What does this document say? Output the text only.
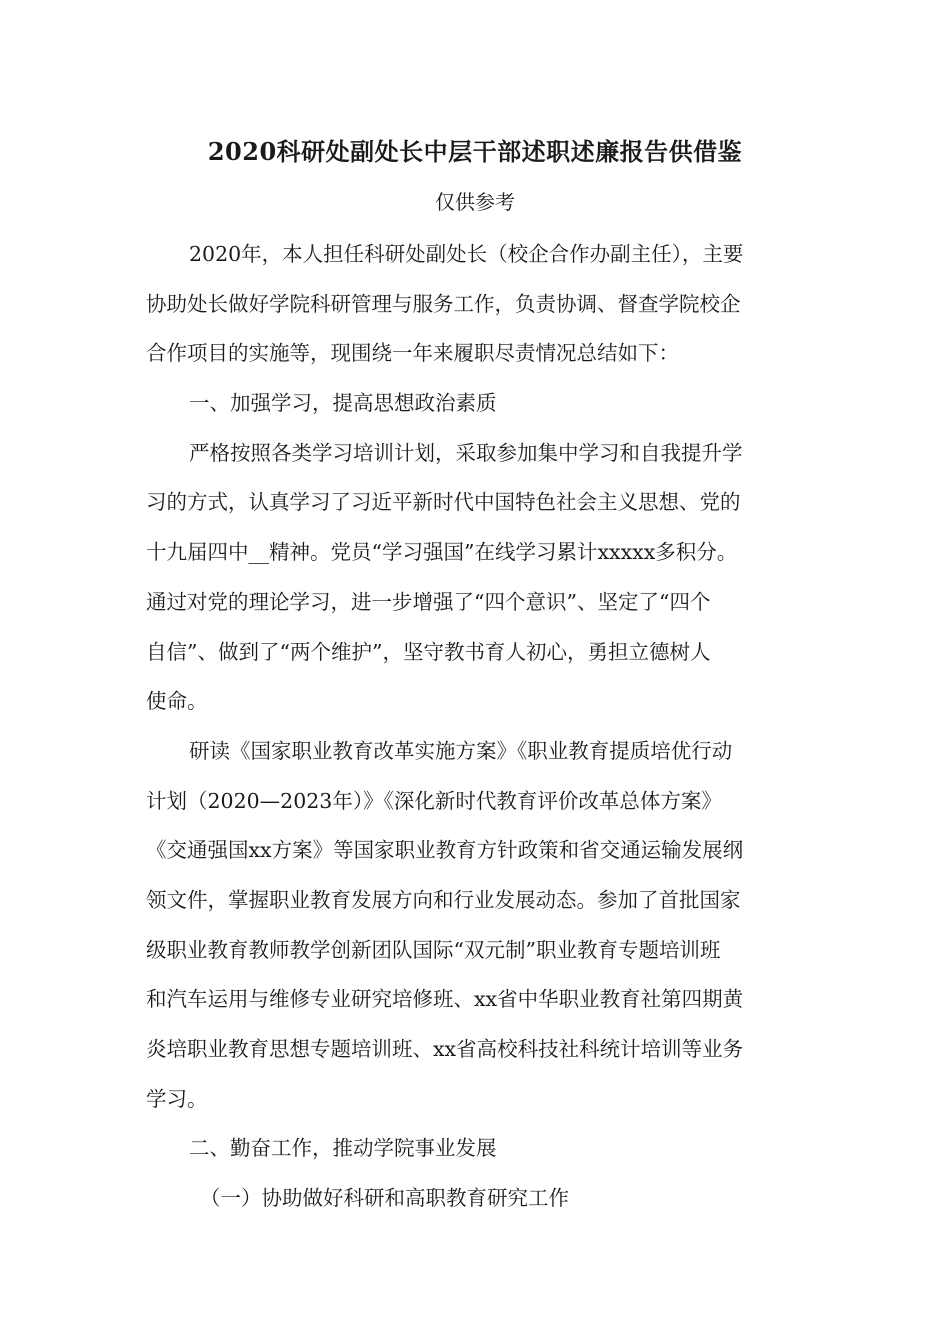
2020科研处副处长中层干部述职述廉报告供借鉴
仅供参考
2020年，本人担任科研处副处长（校企合作办副主任），主要
协助处长做好学院科研管理与服务工作，负责协调、督查学院校企
合作项目的实施等，现围绕一年来履职尽责情况总结如下：
一、加强学习，提高思想政治素质
严格按照各类学习培训计划，采取参加集中学习和自我提升学
习的方式，认真学习了习近平新时代中国特色社会主义思想、党的
十九届四中__精神。党员“学习强国”在线学习累计xxxxx多积分。
通过对党的理论学习，进一步增强了“四个意识”、坚定了“四个
自信”、做到了“两个维护”，坚守教书育人初心，勇担立德树人
使命。
研读《国家职业教育改革实施方案》《职业教育提质培优行动
计划（2020—2023年）》《深化新时代教育评价改革总体方案》
《交通强国xx方案》等国家职业教育方针政策和省交通运输发展纲
领文件，掌握职业教育发展方向和行业发展动态。参加了首批国家
级职业教育教师教学创新团队国际“双元制”职业教育专题培训班
和汽车运用与维修专业研究培修班、xx省中华职业教育社第四期黄
炎培职业教育思想专题培训班、xx省高校科技社科统计培训等业务
学习。
二、勤奋工作，推动学院事业发展
（一）协助做好科研和高职教育研究工作
